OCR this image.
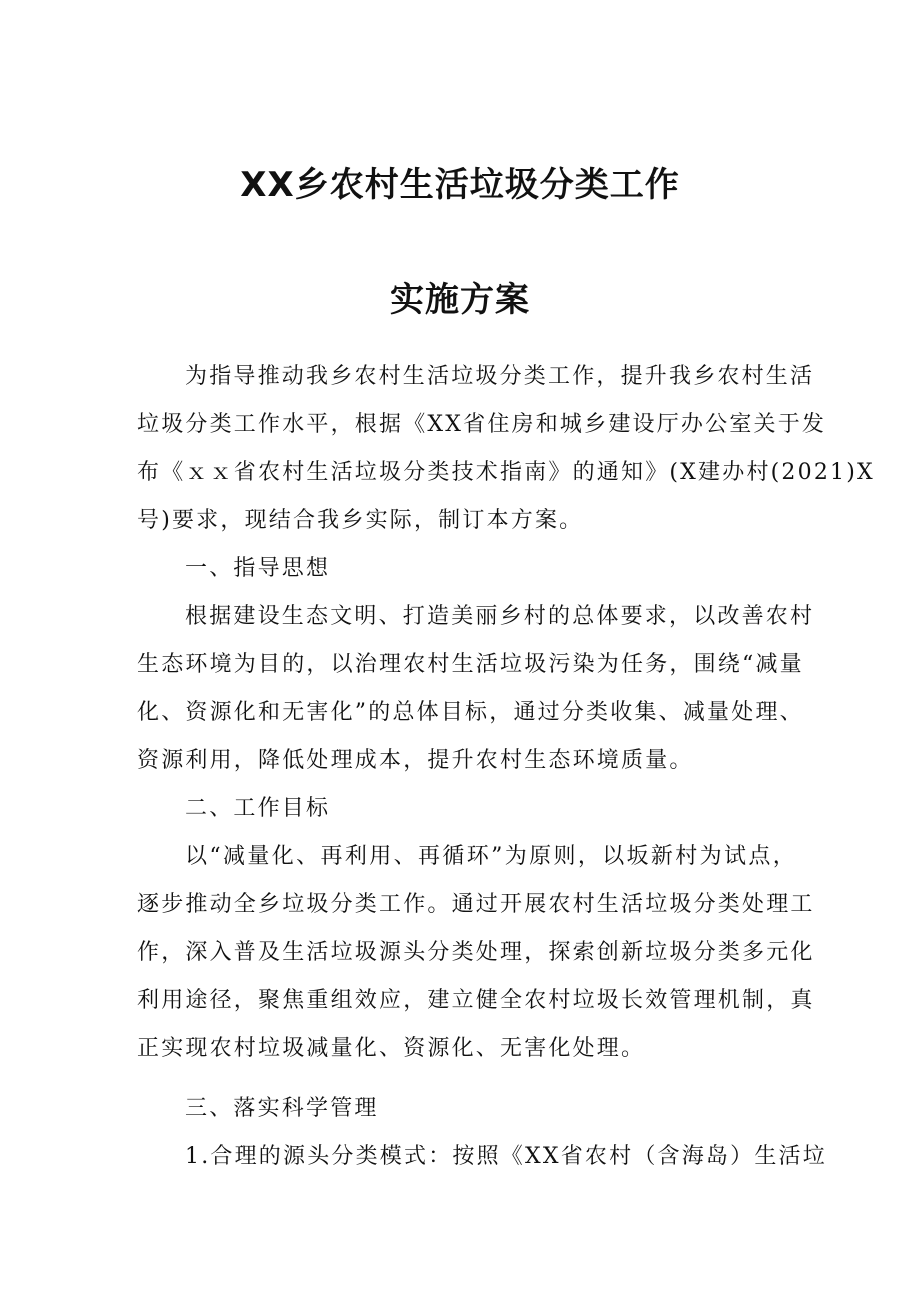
XX乡农村生活垃圾分类工作
实施方案
为指导推动我乡农村生活垃圾分类工作，提升我乡农村生活
垃圾分类工作水平，根据《XX省住房和城乡建设厅办公室关于发
布《ｘｘ省农村生活垃圾分类技术指南》的通知》(X建办村(2021)X
号)要求，现结合我乡实际，制订本方案。
一、指导思想
根据建设生态文明、打造美丽乡村的总体要求，以改善农村
生态环境为目的，以治理农村生活垃圾污染为任务，围绕“减量
化、资源化和无害化”的总体目标，通过分类收集、减量处理、
资源利用，降低处理成本，提升农村生态环境质量。
二、工作目标
以“减量化、再利用、再循环”为原则，以坂新村为试点，
逐步推动全乡垃圾分类工作。通过开展农村生活垃圾分类处理工
作，深入普及生活垃圾源头分类处理，探索创新垃圾分类多元化
利用途径，聚焦重组效应，建立健全农村垃圾长效管理机制，真
正实现农村垃圾减量化、资源化、无害化处理。
三、落实科学管理
1.合理的源头分类模式：按照《XX省农村（含海岛）生活垃
